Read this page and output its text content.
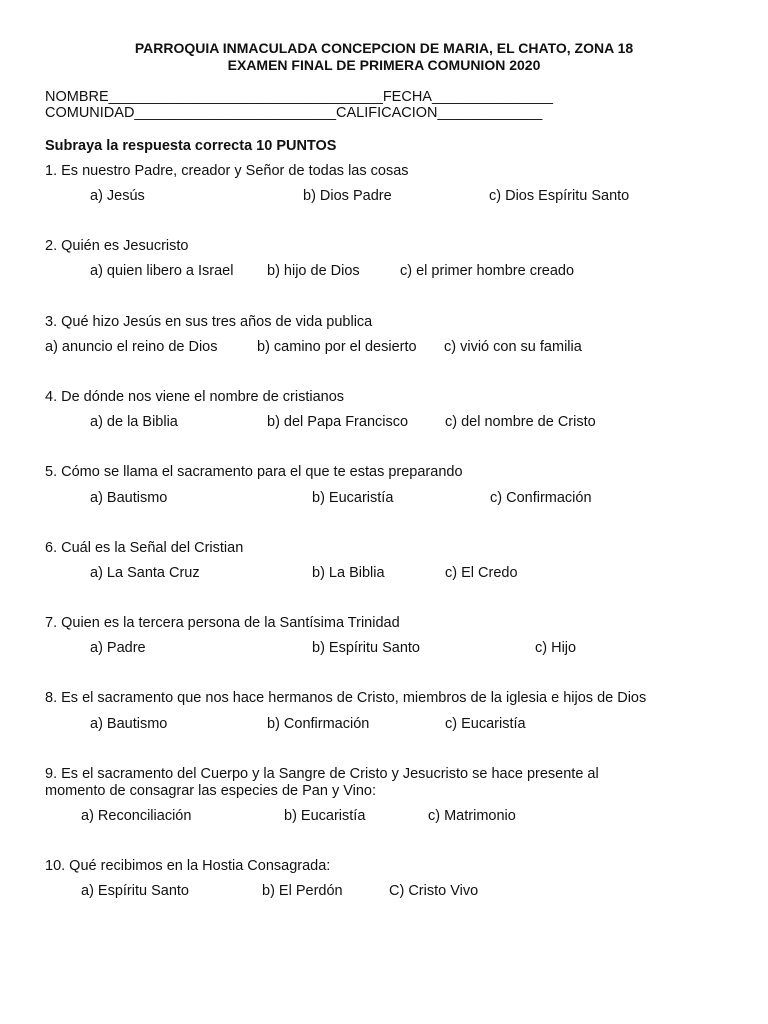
PARROQUIA INMACULADA CONCEPCION DE MARIA, EL CHATO, ZONA 18
EXAMEN FINAL DE PRIMERA COMUNION 2020
NOMBRE__________________________________FECHA_______________
COMUNIDAD_________________________CALIFICACION_____________
Subraya la respuesta correcta 10 PUNTOS
1. Es nuestro Padre, creador y Señor de todas las cosas
a) Jesús	b) Dios Padre	c) Dios Espíritu Santo
2. Quién es Jesucristo
a) quien libero a Israel b) hijo de Dios	c) el primer hombre creado
3. Qué hizo Jesús en sus tres años de vida publica
a) anuncio el reino de Dios	b) camino por el desierto c) vivió con su familia
4. De dónde nos viene el nombre de cristianos
a) de la Biblia	b) del Papa Francisco	c) del nombre de Cristo
5. Cómo se llama el sacramento para el que te estas preparando
a) Bautismo	b) Eucaristía	c) Confirmación
6. Cuál es la Señal del Cristian
a) La Santa Cruz	b) La Biblia	c) El Credo
7. Quien es la tercera persona de la Santísima Trinidad
a) Padre	b) Espíritu Santo	c) Hijo
8. Es el sacramento que nos hace hermanos de Cristo, miembros de la iglesia e hijos de Dios
a) Bautismo	b) Confirmación	c) Eucaristía
9. Es el sacramento del Cuerpo y la Sangre de Cristo y Jesucristo se hace presente al
momento de consagrar las especies de Pan y Vino:
a) Reconciliación	b) Eucaristía	c) Matrimonio
10. Qué recibimos en la Hostia Consagrada:
a) Espíritu Santo	b) El Perdón	C) Cristo Vivo
